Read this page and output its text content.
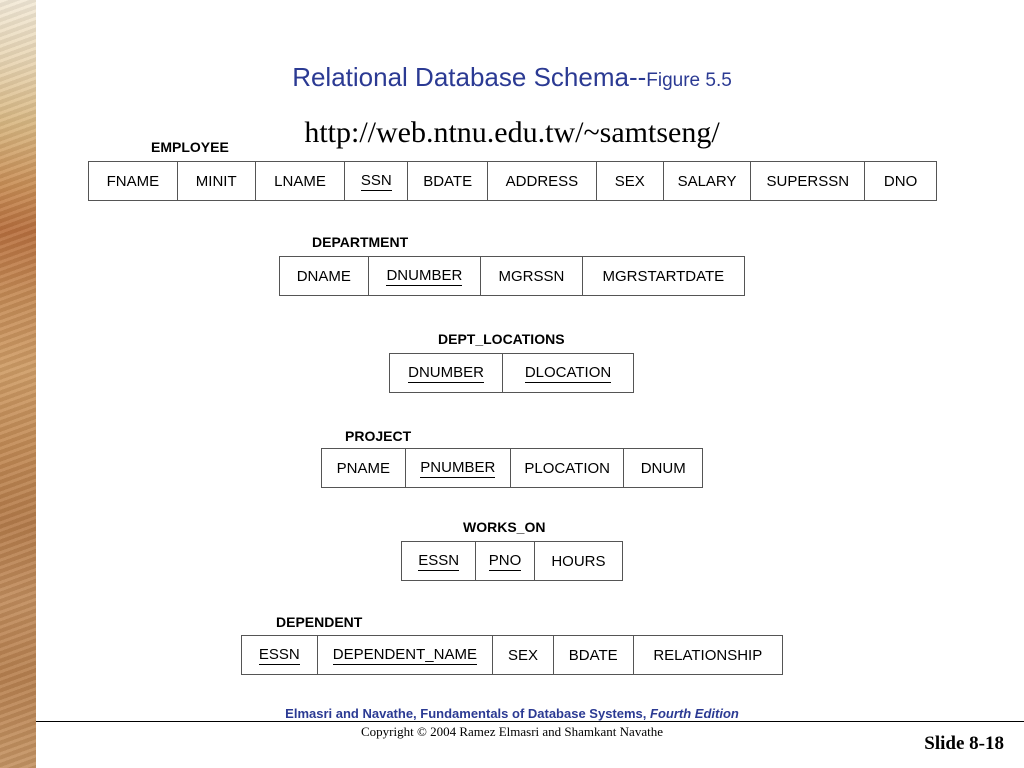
Relational Database Schema--Figure 5.5
http://web.ntnu.edu.tw/~samtseng/
EMPLOYEE
FNAME MINIT	LNAME SSN BDATE ADDRESS SEX SALARY SUPERSSN DNO
DEPARTMENT
DNAME DNUMBER MGRSSN	MGRSTARTDATE
DEPT_LOCATIONS
DNUMBER	DLOCATION
PROJECT
PNAME PNUMBER PLOCATION DNUM
WORKS_ON
ESSN PNO HOURS
DEPENDENT
ESSN DEPENDENT_NAME SEX BDATE RELATIONSHIP
Elmasri and Navathe, Fundamentals of Database Systems, Fourth Edition
Copyright © 2004 Ramez Elmasri and Shamkant Navathe
Slide 8-18
